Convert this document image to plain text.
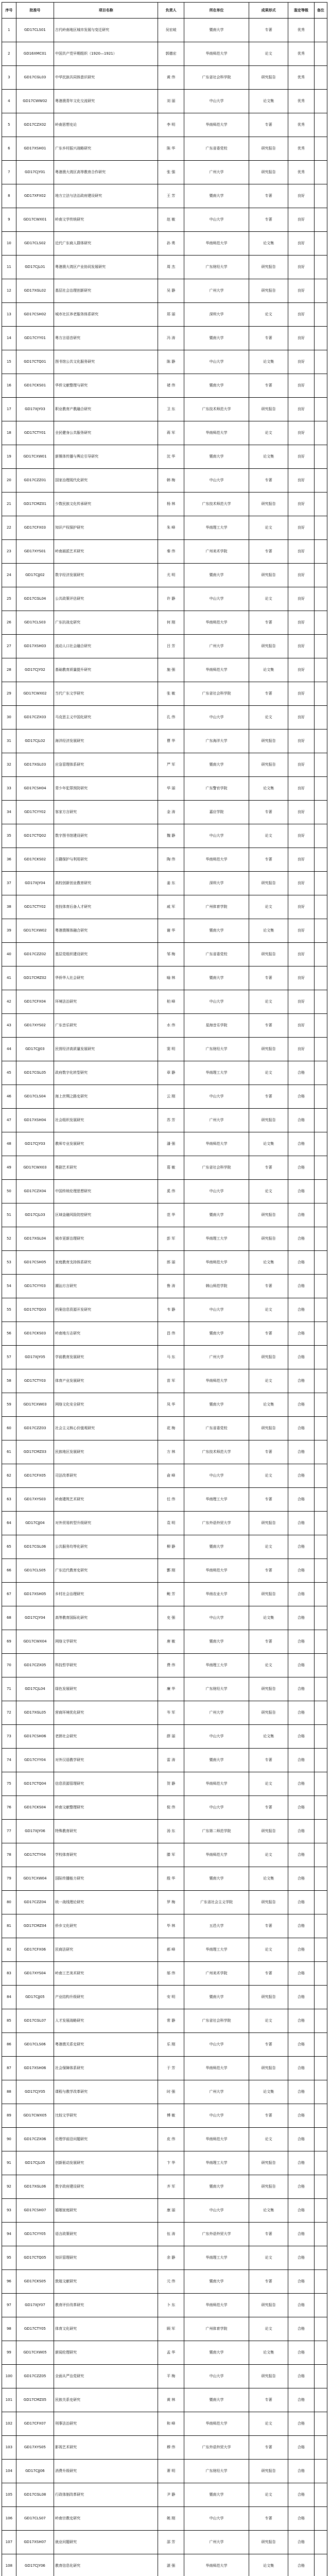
序号	批准号	项目名称	负责人	所在单位	成果形式	鉴定等级	备注
1	GD17CLS01	古代岭南地区城市发展与变迁研究	吴宏岐	暨南大学	专著	优秀	
2	GD16XMC01	中国共产党早期组织（1920—1921）	郭德宏	华南师范大学	论文	优秀	
3	GD17CGL03	中华民族共同体意识研究	黄 伟	广东省社会科学院	研究报告	优秀	
4	GD17CWW02	粤港澳青年文化交流研究	刘 丽	中山大学	论文集	优秀	
5	GD17CZX02	岭南思想史论	李 明	华南师范大学	专著	优秀	
6	GD17XSH01	广东乡村振兴战略研究	陈 华	广东省委党校	研究报告	优秀	
7	GD17CJY01	粤港澳大湾区高等教育合作研究	张 强	广州大学	研究报告	优秀	
8	GD17XFX02	地方立法与法治政府建设研究	王 芳	暨南大学	专著	良好	
9	GD17CWX01	岭南文学传统研究	赵 敏	中山大学	专著	良好	
10	GD17CLS02	近代广东商人群体研究	孙 勇	华南师范大学	论文集	良好	
11	GD17CJL01	粤港澳大湾区产业协同发展研究	周 杰	广东财经大学	研究报告	良好	
12	GD17XGL02	基层社会治理创新研究	吴 静	广州大学	研究报告	良好	
13	GD17CSH02	城市社区养老服务体系研究	郑 丽	深圳大学	论文	良好	
14	GD17CYY01	粤方言语音研究	冯 涛	暨南大学	专著	良好	
15	GD17CTQ01	图书馆公共文化服务研究	陈 静	中山大学	论文集	良好	
16	GD17CKS01	华侨文献整理与研究	褚 伟	暨南大学	专著	良好	
17	GD17XJY03	职业教育产教融合研究	卫 东	广东技术师范大学	研究报告	良好	
18	GD17CTY01	全民健身公共服务研究	蒋 军	华南师范大学	论文	良好	
19	GD17CXW01	新媒体传播与舆论引导研究	沈 华	暨南大学	论文集	良好	
20	GD17CZZ01	国家治理现代化研究	韩 梅	中山大学	专著	良好	
21	GD17CMZ01	少数民族文化传承研究	杨 林	广东技术师范大学	研究报告	良好	
22	GD17CFX03	知识产权保护研究	朱 峰	华南理工大学	论文	良好	
23	GD17XYS01	岭南画派艺术研究	秦 伟	广州美术学院	专著	良好	
24	GD17CJJ02	数字经济发展研究	尤 明	暨南大学	研究报告	良好	
25	GD17CGL04	公共政策评估研究	许 静	中山大学	论文	良好	
26	GD17CLS03	广东抗战史研究	何 刚	华南师范大学	专著	良好	
27	GD17XSH03	流动人口社会融合研究	吕 芳	广州大学	研究报告	良好	
28	GD17CJY02	基础教育质量提升研究	施 强	华南师范大学	论文集	良好	
29	GD17CWX02	当代广东文学研究	张 敏	广东省社会科学院	专著	良好	
30	GD17CZX03	马克思主义中国化研究	孔 伟	中山大学	论文	良好	
31	GD17CJL02	海洋经济发展研究	曹 华	广东海洋大学	研究报告	良好	
32	GD17XGL03	应急管理体系研究	严 军	暨南大学	研究报告	良好	
33	GD17CSH04	青少年犯罪预防研究	华 丽	广东警官学院	论文集	良好	
34	GD17CYY02	客家方言研究	金 涛	嘉应学院	专著	良好	
35	GD17CTQ02	数字图书馆建设研究	魏 静	中山大学	论文	良好	
36	GD17CKS02	古籍保护与利用研究	陶 伟	华南师范大学	专著	良好	
37	GD17XJY04	高校创新创业教育研究	姜 东	深圳大学	研究报告	良好	
38	GD17CTY02	竞技体育后备人才研究	戚 军	广州体育学院	论文	良好	
39	GD17CXW02	粤港澳媒体融合研究	谢 华	暨南大学	论文集	良好	
40	GD17CZZ02	基层党组织建设研究	邹 梅	广东省委党校	研究报告	良好	
41	GD17CMZ02	华侨华人社会研究	喻 林	暨南大学	专著	良好	
42	GD17CFX04	环境法治研究	柏 峰	中山大学	论文	良好	
43	GD17XYS02	广东音乐研究	水 伟	星海音乐学院	专著	良好	
44	GD17CJJ03	民营经济高质量发展研究	窦 明	广东财经大学	研究报告	良好	
45	GD17CGL05	政府数字化转型研究	章 静	华南理工大学	论文	合格	
46	GD17CLS04	海上丝绸之路史研究	云 刚	中山大学	专著	合格	
47	GD17XSH04	社会组织发展研究	苏 芳	广州大学	研究报告	合格	
48	GD17CJY03	教师专业发展研究	潘 强	华南师范大学	论文集	合格	
49	GD17CWX03	粤剧艺术研究	葛 敏	广东省社会科学院	专著	合格	
50	GD17CZX04	中国传统伦理思想研究	奚 伟	中山大学	论文	合格	
51	GD17CJL03	区域金融风险防控研究	范 华	暨南大学	研究报告	合格	
52	GD17XGL04	城市更新治理研究	彭 军	华南理工大学	研究报告	合格	
53	GD17CSH05	家庭教育支持体系研究	郎 丽	华南师范大学	论文集	合格	
54	GD17CYY03	潮汕方言研究	鲁 涛	韩山师范学院	专著	合格	
55	GD17CTQ03	档案信息资源开发研究	韦 静	中山大学	论文	合格	
56	GD17CKS03	岭南地方志研究	昌 伟	暨南大学	专著	合格	
57	GD17XJY05	学前教育发展研究	马 东	广州大学	研究报告	合格	
58	GD17CTY03	体育产业发展研究	苗 军	华南师范大学	论文	合格	
59	GD17CXW03	网络文化安全研究	凤 华	暨南大学	论文集	合格	
60	GD17CZZ03	社会主义核心价值观研究	花 梅	广东省委党校	研究报告	合格	
61	GD17CMZ03	民族地区发展研究	方 林	广东技术师范大学	专著	合格	
62	GD17CFX05	司法改革研究	俞 峰	中山大学	论文	合格	
63	GD17XYS03	岭南建筑艺术研究	任 伟	华南理工大学	专著	合格	
64	GD17CJJ04	对外贸易转型升级研究	袁 明	广东外语外贸大学	研究报告	合格	
65	GD17CGL06	公共服务均等化研究	柳 静	暨南大学	论文	合格	
66	GD17CLS05	广东近代教育史研究	酆 刚	华南师范大学	专著	合格	
67	GD17XSH05	乡村社会治理研究	鲍 芳	华南农业大学	研究报告	合格	
68	GD17CJY04	高等教育国际化研究	史 强	中山大学	论文集	合格	
69	GD17CWX04	网络文学研究	唐 敏	暨南大学	专著	合格	
70	GD17CZX05	科技哲学研究	费 伟	华南理工大学	论文	合格	
71	GD17CJL04	绿色发展研究	廉 华	广东财经大学	研究报告	合格	
72	GD17XGL05	营商环境优化研究	岑 军	广州大学	研究报告	合格	
73	GD17CSH06	老龄社会研究	薛 丽	中山大学	论文集	合格	
74	GD17CYY04	对外汉语教学研究	雷 涛	暨南大学	专著	合格	
75	GD17CTQ04	信息资源管理研究	贺 静	华南师范大学	论文	合格	
76	GD17CKS04	岭南文献整理研究	倪 伟	中山大学	专著	合格	
77	GD17XJY06	特殊教育研究	汤 东	广东第二师范学院	研究报告	合格	
78	GD17CTY04	学校体育研究	滕 军	华南师范大学	论文	合格	
79	GD17CXW04	国际传播能力研究	殷 华	暨南大学	论文集	合格	
80	GD17CZZ04	统一战线理论研究	罗 梅	广东省社会主义学院	研究报告	合格	
81	GD17CMZ04	侨乡文化研究	毕 林	五邑大学	专著	合格	
82	GD17CFX06	民商法研究	郝 峰	华南理工大学	论文	合格	
83	GD17XYS04	岭南工艺美术研究	邬 伟	广州美术学院	专著	合格	
84	GD17CJJ05	产业结构升级研究	安 明	暨南大学	研究报告	合格	
85	GD17CGL07	人才发展战略研究	常 静	广东省社会科学院	论文	合格	
86	GD17CLS06	粤港澳关系史研究	乐 刚	中山大学	专著	合格	
87	GD17XSH06	社会保障体系研究	于 芳	华南师范大学	研究报告	合格	
88	GD17CJY05	课程与教学改革研究	时 强	广州大学	论文集	合格	
89	GD17CWX05	比较文学研究	傅 敏	中山大学	专著	合格	
90	GD17CZX06	伦理学前沿问题研究	皮 伟	华南师范大学	论文	合格	
91	GD17CJL05	创新驱动发展研究	卞 华	华南理工大学	研究报告	合格	
92	GD17XGL06	数字政府建设研究	齐 军	暨南大学	研究报告	合格	
93	GD17CSH07	婚姻家庭研究	康 丽	中山大学	论文集	合格	
94	GD17CYY05	语言政策研究	伍 涛	广东外语外贸大学	专著	合格	
95	GD17CTQ05	知识管理研究	余 静	华南理工大学	论文	合格	
96	GD17CKS05	敦煌文献研究	元 伟	暨南大学	专著	合格	
97	GD17XJY07	教育评价改革研究	卜 东	华南师范大学	研究报告	合格	
98	GD17CTY05	体育文化研究	顾 军	广州体育学院	论文	合格	
99	GD17CXW05	新闻伦理研究	孟 华	暨南大学	论文集	合格	
100	GD17CZZ05	全面从严治党研究	平 梅	中山大学	研究报告	合格	
101	GD17CMZ05	民族关系史研究	黄 林	暨南大学	专著	合格	
102	GD17CFX07	刑事法治研究	和 峰	华南师范大学	论文	合格	
103	GD17XYS05	影视艺术研究	穆 伟	广东外语外贸大学	专著	合格	
104	GD17CJJ06	消费升级研究	萧 明	广东财经大学	研究报告	合格	
105	GD17CGL08	行政体制改革研究	尹 静	暨南大学	论文	合格	
106	GD17CLS07	岭南宗教史研究	姚 刚	中山大学	专著	合格	
107	GD17XSH07	就业问题研究	邵 芳	广州大学	研究报告	合格	
108	GD17CJY06	教育信息化研究	湛 强	华南师范大学	论文集	合格	
